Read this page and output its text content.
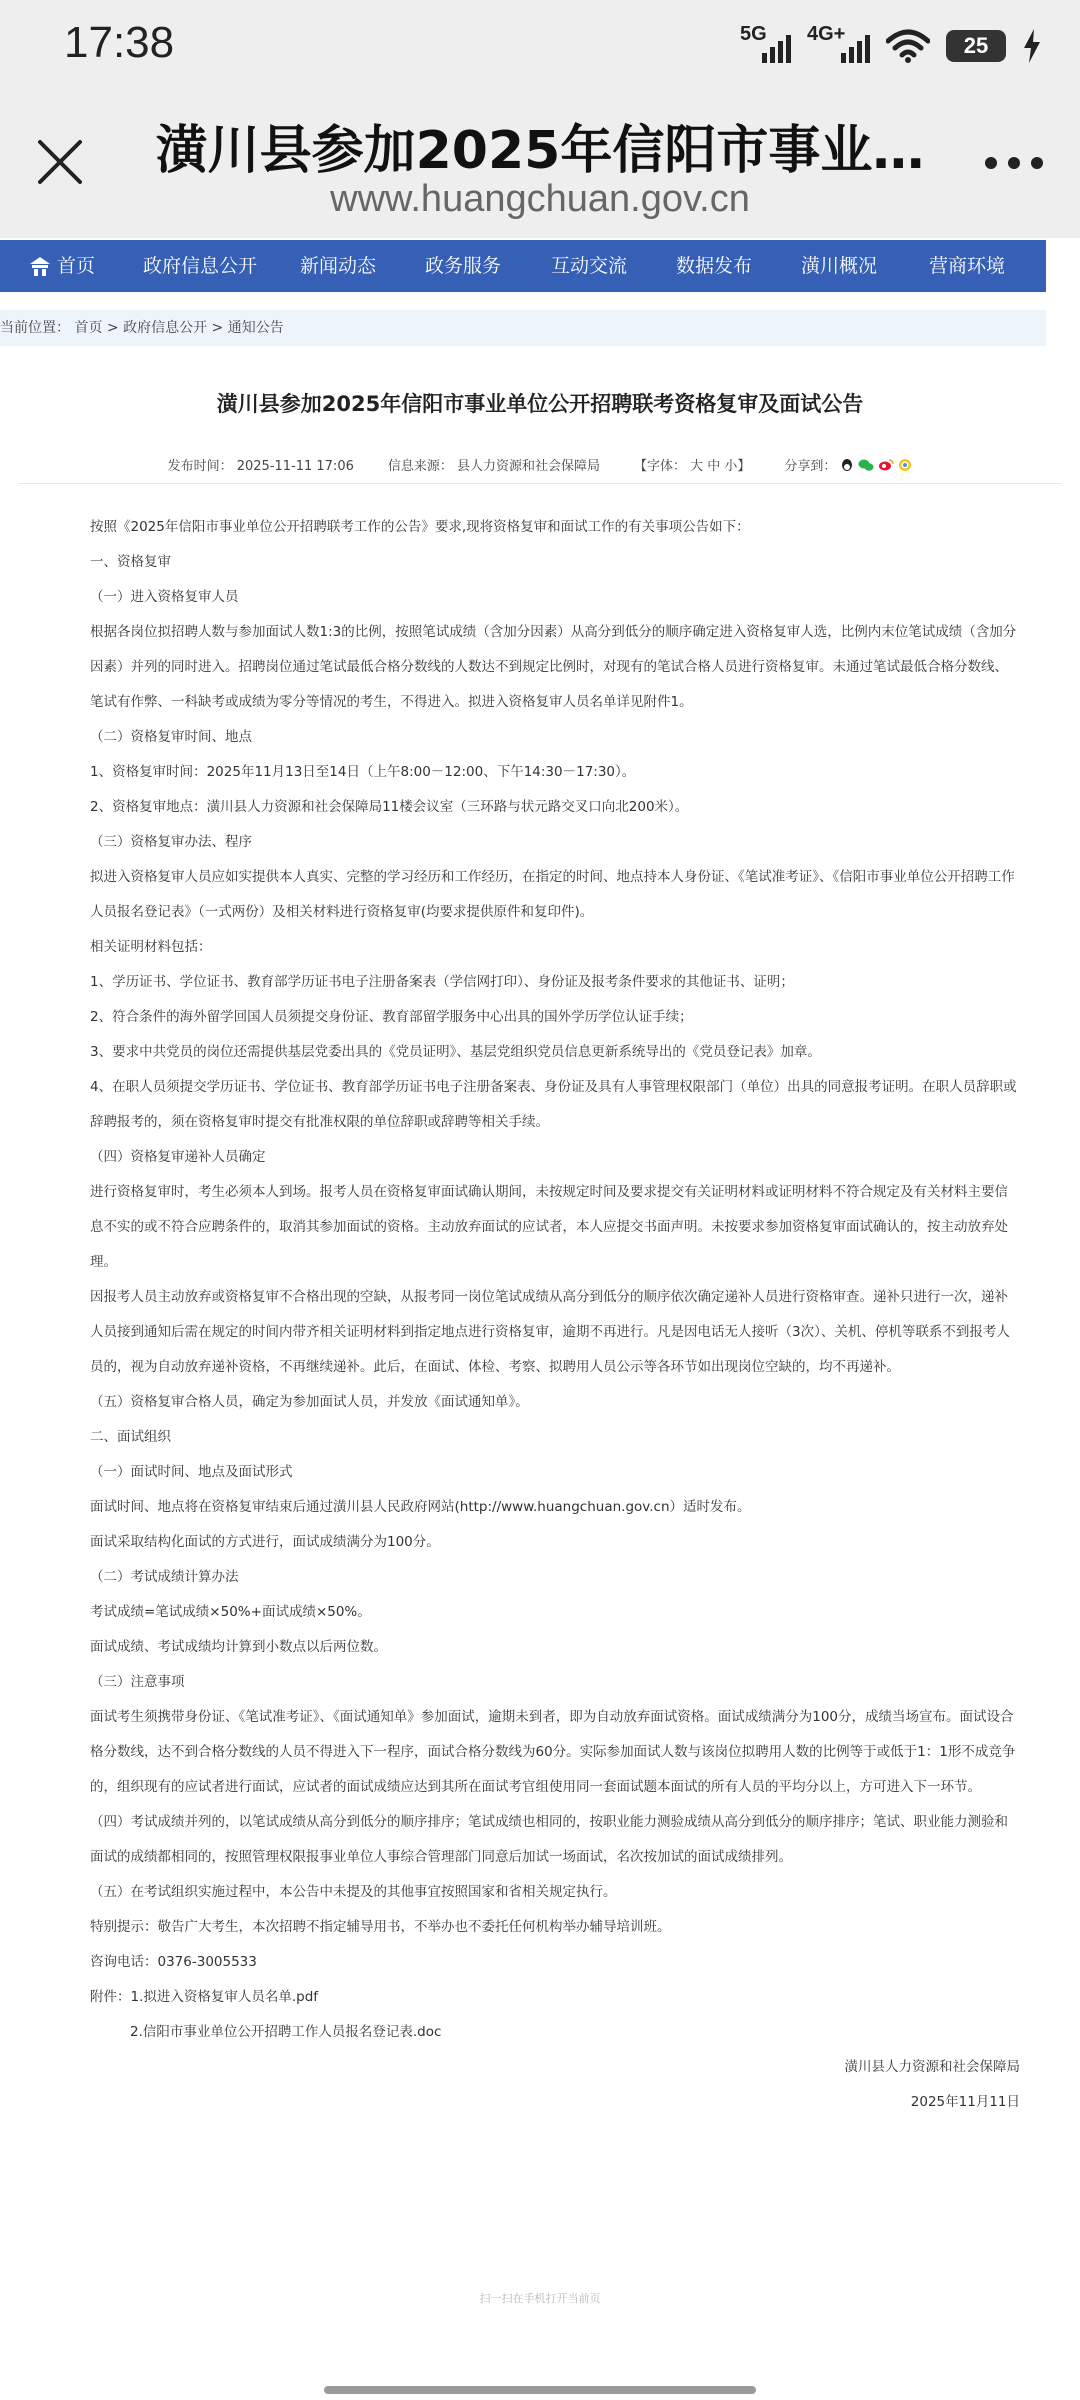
17:38	5G 4G+	25
潢川县参加2025年信阳市事业…
www.huangchuan.gov.cn
首页	政府信息公开	新闻动态	政务服务	互动交流	数据发布	潢川概况	营商环境
当前位置： 首页 > 政府信息公开 > 通知公告
潢川县参加2025年信阳市事业单位公开招聘联考资格复审及面试公告
发布时间： 2025-11-11 17:06	信息来源： 县人力资源和社会保障局	【字体： 大 中 小】	分享到：

按照《2025年信阳市事业单位公开招聘联考工作的公告》要求,现将资格复审和面试工作的有关事项公告如下：

一、资格复审

（一）进入资格复审人员

根据各岗位拟招聘人数与参加面试人数1:3的比例，按照笔试成绩（含加分因素）从高分到低分的顺序确定进入资格复审人选，比例内末位笔试成绩（含加分因素）并列的同时进入。招聘岗位通过笔试最低合格分数线的人数达不到规定比例时，对现有的笔试合格人员进行资格复审。未通过笔试最低合格分数线、笔试有作弊、一科缺考或成绩为零分等情况的考生，不得进入。拟进入资格复审人员名单详见附件1。

（二）资格复审时间、地点

1、资格复审时间：2025年11月13日至14日（上午8:00－12:00、下午14:30－17:30）。

2、资格复审地点：潢川县人力资源和社会保障局11楼会议室（三环路与状元路交叉口向北200米）。

（三）资格复审办法、程序

拟进入资格复审人员应如实提供本人真实、完整的学习经历和工作经历，在指定的时间、地点持本人身份证、《笔试准考证》、《信阳市事业单位公开招聘工作人员报名登记表》（一式两份）及相关材料进行资格复审(均要求提供原件和复印件)。

相关证明材料包括：

1、学历证书、学位证书、教育部学历证书电子注册备案表（学信网打印）、身份证及报考条件要求的其他证书、证明；

2、符合条件的海外留学回国人员须提交身份证、教育部留学服务中心出具的国外学历学位认证手续；

3、要求中共党员的岗位还需提供基层党委出具的《党员证明》、基层党组织党员信息更新系统导出的《党员登记表》加章。

4、在职人员须提交学历证书、学位证书、教育部学历证书电子注册备案表、身份证及具有人事管理权限部门（单位）出具的同意报考证明。在职人员辞职或辞聘报考的，须在资格复审时提交有批准权限的单位辞职或辞聘等相关手续。

（四）资格复审递补人员确定

进行资格复审时，考生必须本人到场。报考人员在资格复审面试确认期间，未按规定时间及要求提交有关证明材料或证明材料不符合规定及有关材料主要信息不实的或不符合应聘条件的，取消其参加面试的资格。主动放弃面试的应试者，本人应提交书面声明。未按要求参加资格复审面试确认的，按主动放弃处理。

因报考人员主动放弃或资格复审不合格出现的空缺，从报考同一岗位笔试成绩从高分到低分的顺序依次确定递补人员进行资格审查。递补只进行一次，递补人员接到通知后需在规定的时间内带齐相关证明材料到指定地点进行资格复审，逾期不再进行。凡是因电话无人接听（3次）、关机、停机等联系不到报考人员的，视为自动放弃递补资格，不再继续递补。此后，在面试、体检、考察、拟聘用人员公示等各环节如出现岗位空缺的，均不再递补。

（五）资格复审合格人员，确定为参加面试人员，并发放《面试通知单》。

二、面试组织

（一）面试时间、地点及面试形式

面试时间、地点将在资格复审结束后通过潢川县人民政府网站(http://www.huangchuan.gov.cn）适时发布。

面试采取结构化面试的方式进行，面试成绩满分为100分。

（二）考试成绩计算办法

考试成绩=笔试成绩×50%+面试成绩×50%。

面试成绩、考试成绩均计算到小数点以后两位数。

（三）注意事项

面试考生须携带身份证、《笔试准考证》、《面试通知单》参加面试，逾期未到者，即为自动放弃面试资格。面试成绩满分为100分，成绩当场宣布。面试设合格分数线，达不到合格分数线的人员不得进入下一程序，面试合格分数线为60分。实际参加面试人数与该岗位拟聘用人数的比例等于或低于1：1形不成竞争的，组织现有的应试者进行面试，应试者的面试成绩应达到其所在面试考官组使用同一套面试题本面试的所有人员的平均分以上，方可进入下一环节。

（四）考试成绩并列的，以笔试成绩从高分到低分的顺序排序；笔试成绩也相同的，按职业能力测验成绩从高分到低分的顺序排序；笔试、职业能力测验和面试的成绩都相同的，按照管理权限报事业单位人事综合管理部门同意后加试一场面试，名次按加试的面试成绩排列。

（五）在考试组织实施过程中，本公告中未提及的其他事宜按照国家和省相关规定执行。

特别提示：敬告广大考生，本次招聘不指定辅导用书，不举办也不委托任何机构举办辅导培训班。

咨询电话：0376-3005533

附件：1.拟进入资格复审人员名单.pdf

2.信阳市事业单位公开招聘工作人员报名登记表.doc

潢川县人力资源和社会保障局

2025年11月11日

扫一扫在手机打开当前页
